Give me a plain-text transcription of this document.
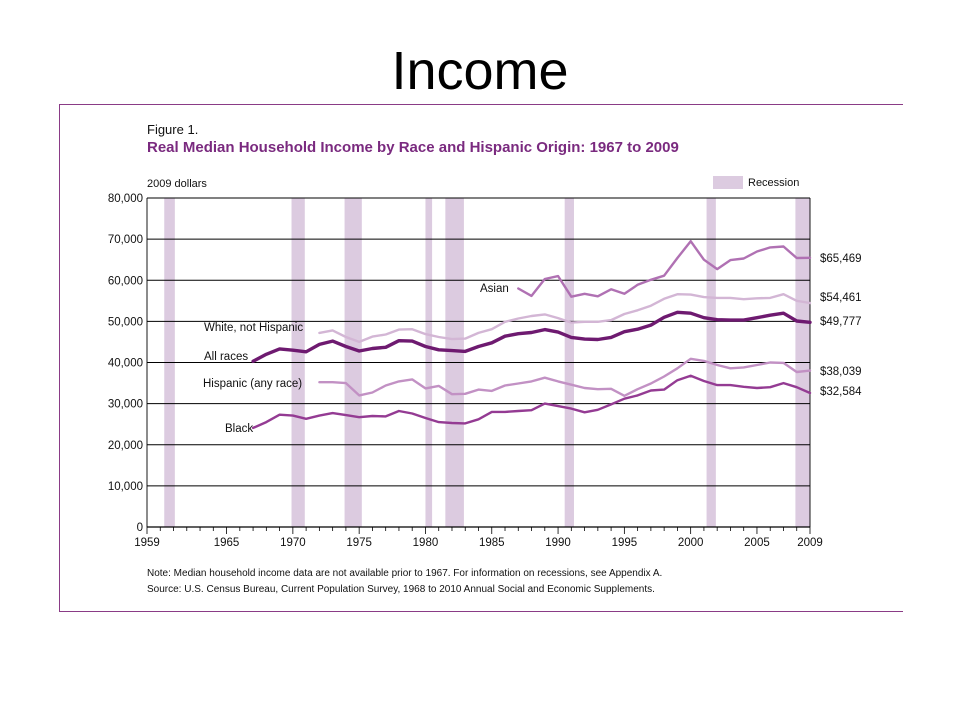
Income
Figure 1.
Real Median Household Income by Race and Hispanic Origin: 1967 to 2009
2009 dollars	Recession
80,000
70,000
60,000
50,000
40,000
30,000
20,000
10,000
0
1959	1965	1970	1975	1980	1985	1990	1995	2000	2005 2009
Asian
$65,469
White, not Hispanic
$54,461
All races
$49,777
Hispanic (any race)
$38,039
Black
$32,584
Note: Median household income data are not available prior to 1967. For information on recessions, see Appendix A.
Source: U.S. Census Bureau, Current Population Survey, 1968 to 2010 Annual Social and Economic Supplements.
